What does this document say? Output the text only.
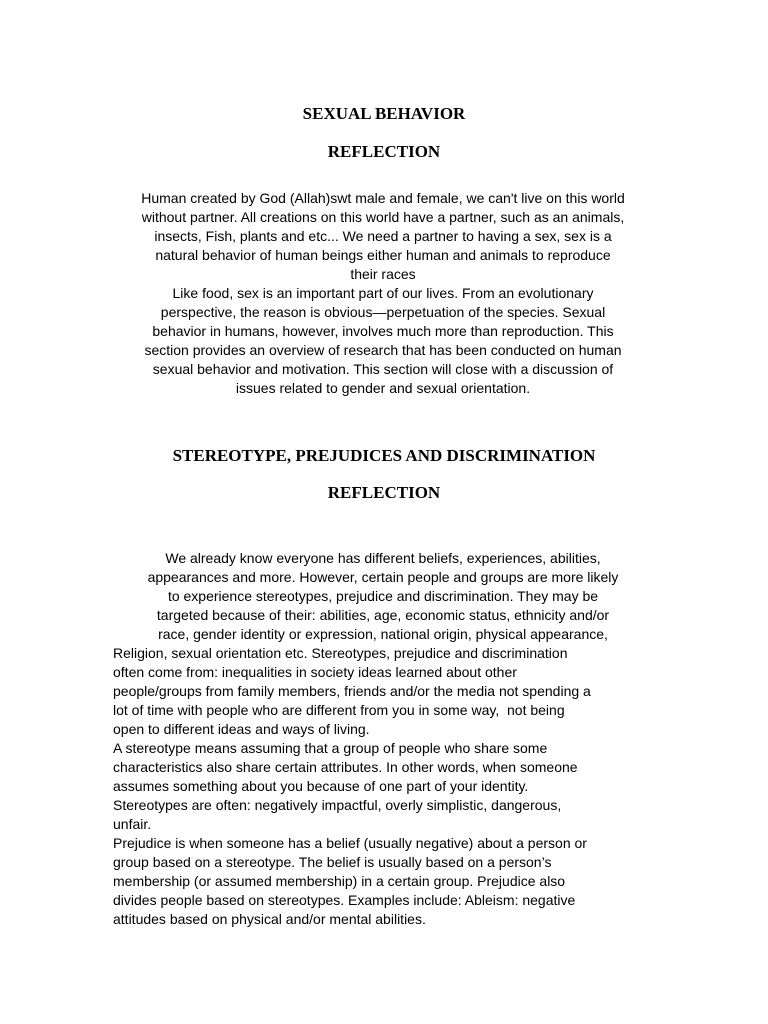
SEXUAL BEHAVIOR
REFLECTION
Human created by God (Allah)swt male and female, we can't live on this world
without partner. All creations on this world have a partner, such as an animals,
insects, Fish, plants and etc... We need a partner to having a sex, sex is a
natural behavior of human beings either human and animals to reproduce
their races
Like food, sex is an important part of our lives. From an evolutionary
perspective, the reason is obvious—perpetuation of the species. Sexual
behavior in humans, however, involves much more than reproduction. This
section provides an overview of research that has been conducted on human
sexual behavior and motivation. This section will close with a discussion of
issues related to gender and sexual orientation.
STEREOTYPE, PREJUDICES AND DISCRIMINATION
REFLECTION
We already know everyone has different beliefs, experiences, abilities,
appearances and more. However, certain people and groups are more likely
to experience stereotypes, prejudice and discrimination. They may be
targeted because of their: abilities, age, economic status, ethnicity and/or
race, gender identity or expression, national origin, physical appearance,
Religion, sexual orientation etc. Stereotypes, prejudice and discrimination
often come from: inequalities in society ideas learned about other
people/groups from family members, friends and/or the media not spending a
lot of time with people who are different from you in some way,  not being
open to different ideas and ways of living.
A stereotype means assuming that a group of people who share some
characteristics also share certain attributes. In other words, when someone
assumes something about you because of one part of your identity.
Stereotypes are often: negatively impactful, overly simplistic, dangerous,
unfair.
Prejudice is when someone has a belief (usually negative) about a person or
group based on a stereotype. The belief is usually based on a person’s
membership (or assumed membership) in a certain group. Prejudice also
divides people based on stereotypes. Examples include: Ableism: negative
attitudes based on physical and/or mental abilities.
